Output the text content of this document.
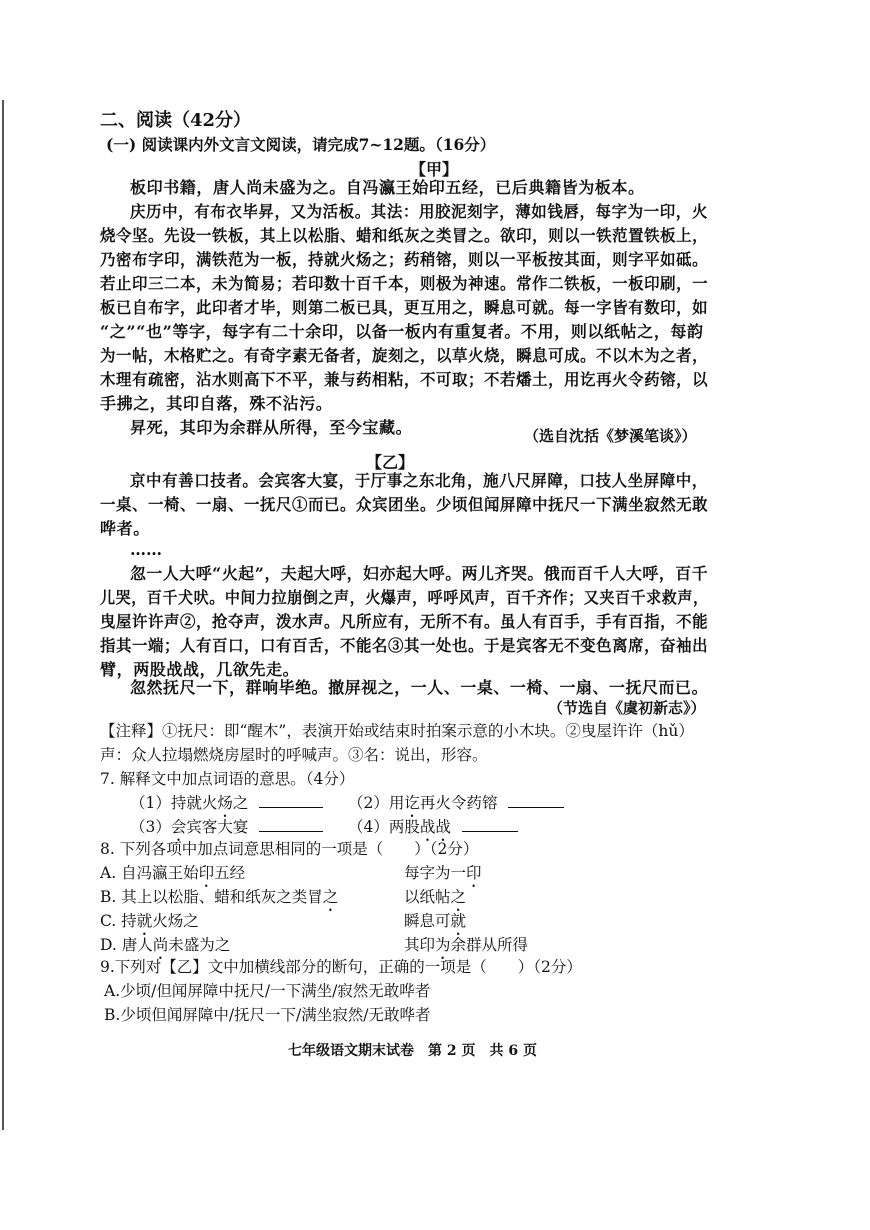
二、阅读（42分）
(一) 阅读课内外文言文阅读，请完成7~12题。（16分）
【甲】
板印书籍，唐人尚未盛为之。自冯瀛王始印五经，已后典籍皆为板本。
庆历中，有布衣毕昇，又为活板。其法：用胶泥刻字，薄如钱唇，每字为一印，火
烧令坚。先设一铁板，其上以松脂、蜡和纸灰之类冒之。欲印，则以一铁范置铁板上，
乃密布字印，满铁范为一板，持就火炀之；药稍镕，则以一平板按其面，则字平如砥。
若止印三二本，未为简易；若印数十百千本，则极为神速。常作二铁板，一板印刷，一
板已自布字，此印者才毕，则第二板已具，更互用之，瞬息可就。每一字皆有数印，如
“之”“也”等字，每字有二十余印，以备一板内有重复者。不用，则以纸帖之，每韵
为一帖，木格贮之。有奇字素无备者，旋刻之，以草火烧，瞬息可成。不以木为之者，
木理有疏密，沾水则高下不平，兼与药相粘，不可取；不若燔土，用讫再火令药镕，以
手拂之，其印自落，殊不沾污。
昇死，其印为余群从所得，至今宝藏。	（选自沈括《梦溪笔谈》）
【乙】
京中有善口技者。会宾客大宴，于厅事之东北角，施八尺屏障，口技人坐屏障中，
一桌、一椅、一扇、一抚尺①而已。众宾团坐。少顷但闻屏障中抚尺一下满坐寂然无敢
哗者。
……
忽一人大呼“火起”，夫起大呼，妇亦起大呼。两儿齐哭。俄而百千人大呼，百千
儿哭，百千犬吠。中间力拉崩倒之声，火爆声，呼呼风声，百千齐作；又夹百千求救声，
曳屋许许声②，抢夺声，泼水声。凡所应有，无所不有。虽人有百手，手有百指，不能
指其一端；人有百口，口有百舌，不能名③其一处也。于是宾客无不变色离席，奋袖出
臂，两股战战，几欲先走。
忽然抚尺一下，群响毕绝。撤屏视之，一人、一桌、一椅、一扇、一抚尺而已。
（节选自《虞初新志》）
【注释】①抚尺：即“醒木”，表演开始或结束时拍案示意的小木块。②曳屋许许（hǔ）
声：众人拉塌燃烧房屋时的呼喊声。③名：说出，形容。
7. 解释文中加点词语的意思。（4分）
（1）持就火炀之	（2）用讫再火令药镕
（3）会宾客大宴	（4）两股战战
8. 下列各项中加点词意思相同的一项是（　　）（2分）
A. 自冯瀛王始印五经	每字为一印
B. 其上以松脂、蜡和纸灰之类冒之	以纸帖之
C. 持就火炀之	瞬息可就
D. 唐人尚未盛为之	其印为余群从所得
9.下列对【乙】文中加横线部分的断句，正确的一项是（　　）（2分）
A.少顷/但闻屏障中抚尺/一下满坐/寂然无敢哗者
B.少顷但闻屏障中/抚尺一下/满坐寂然/无敢哗者
七年级语文期末试卷　第 2 页　共 6 页
